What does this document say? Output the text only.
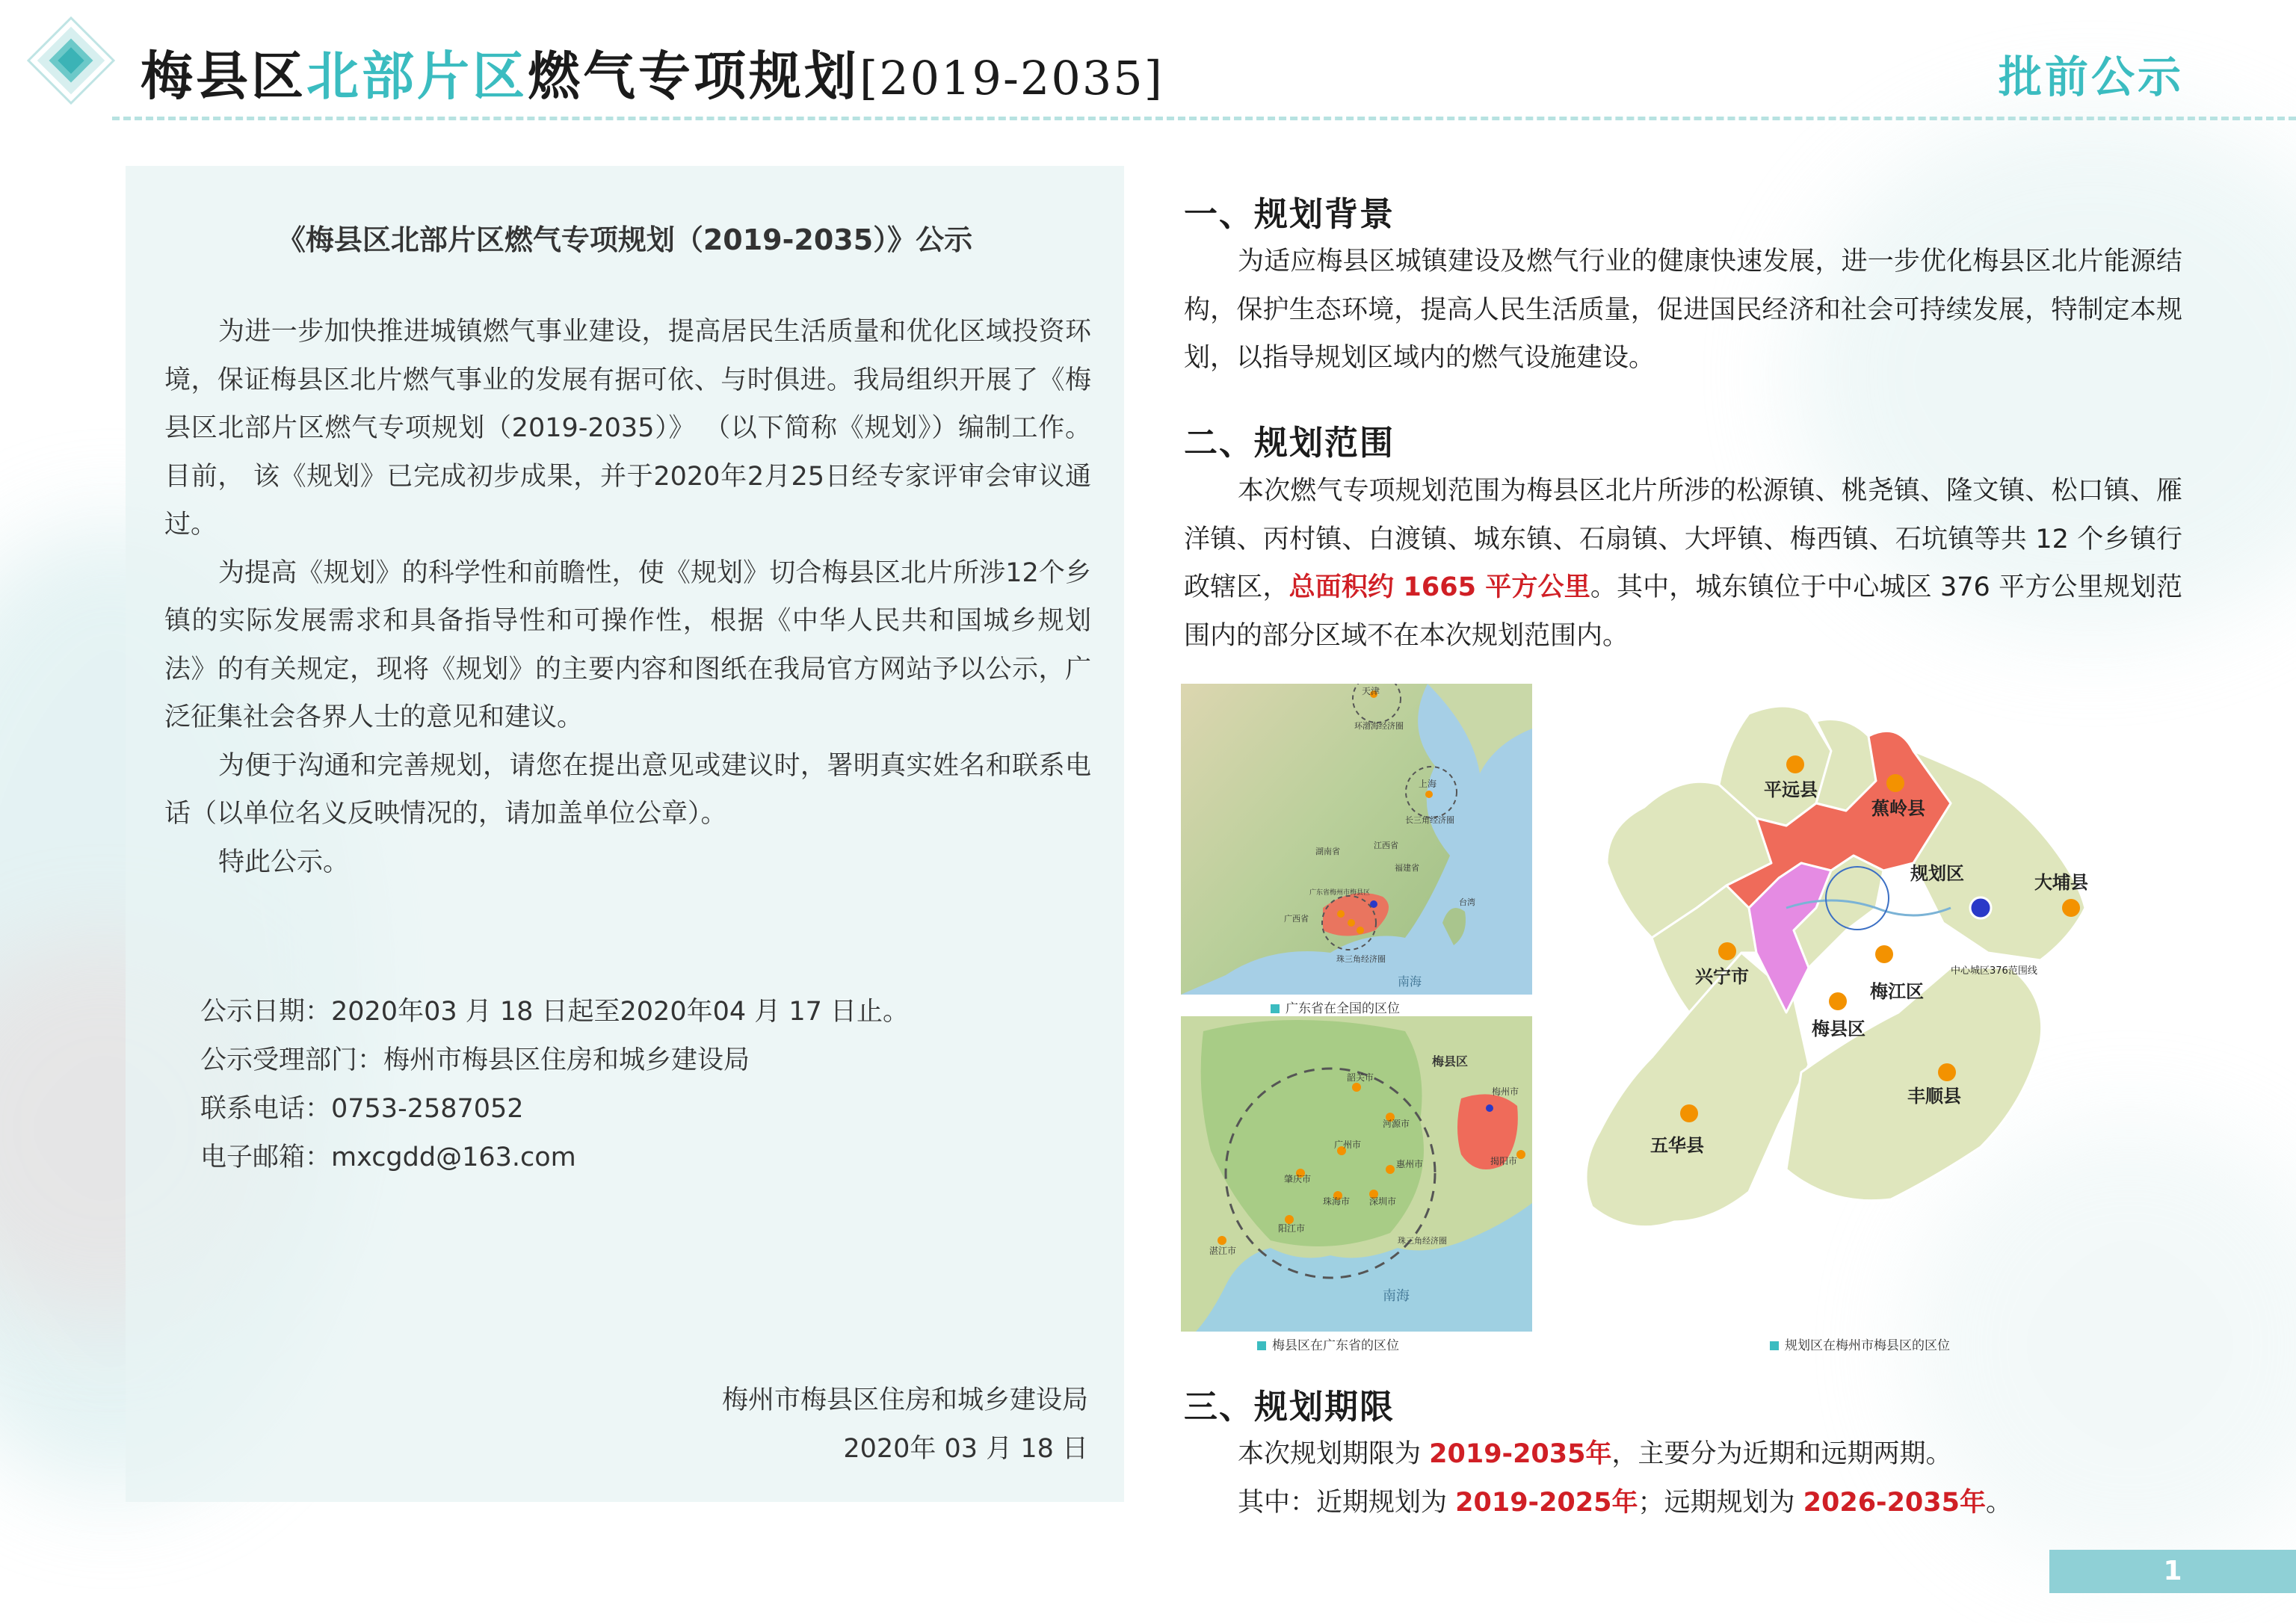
梅县区北部片区燃气专项规划[2019-2035]	批前公示
《梅县区北部片区燃气专项规划（2019-2035）》公示

为进一步加快推进城镇燃气事业建设，提高居民生活质量和优化区域投资环境，保证梅县区北片燃气事业的发展有据可依、与时俱进。我局组织开展了《梅县区北部片区燃气专项规划（2019-2035）》 （以下简称《规划》）编制工作。目前， 该《规划》已完成初步成果，并于2020年2月25日经专家评审会审议通过。

为提高《规划》的科学性和前瞻性，使《规划》切合梅县区北片所涉12个乡镇的实际发展需求和具备指导性和可操作性，根据《中华人民共和国城乡规划法》的有关规定，现将《规划》的主要内容和图纸在我局官方网站予以公示，广泛征集社会各界人士的意见和建议。

为便于沟通和完善规划，请您在提出意见或建议时，署明真实姓名和联系电话（以单位名义反映情况的，请加盖单位公章）。

特此公示。

公示日期：2020年03 月 18 日起至2020年04 月 17 日止。
公示受理部门：梅州市梅县区住房和城乡建设局
联系电话：0753-2587052
电子邮箱：mxcgdd@163.com
梅州市梅县区住房和城乡建设局
2020年 03 月 18 日
一、规划背景

为适应梅县区城镇建设及燃气行业的健康快速发展，进一步优化梅县区北片能源结构，保护生态环境，提高人民生活质量，促进国民经济和社会可持续发展，特制定本规划，以指导规划区域内的燃气设施建设。

二、规划范围

本次燃气专项规划范围为梅县区北片所涉的松源镇、桃尧镇、隆文镇、松口镇、雁洋镇、丙村镇、白渡镇、城东镇、石扇镇、大坪镇、梅西镇、石坑镇等共 12 个乡镇行政辖区，总面积约 1665 平方公里。其中，城东镇位于中心城区 376 平方公里规划范围内的部分区域不在本次规划范围内。

天津
环渤海经济圈
上海
长三角经济圈
湖南省
江西省
福建省
广西省
广东省梅州市梅县区
珠三角经济圈
台湾
南海
广东省在全国的区位
梅县区
韶关市
梅州市
河源市
广州市
惠州市
肇庆市
揭阳市
深圳市
珠海市
阳江市
湛江市
珠三角经济圈
南海
梅县区在广东省的区位
平远县
蕉岭县
规划区	大埔县
兴宁市
梅江区
中心城区376范围线
梅县区
丰顺县
五华县
规划区在梅州市梅县区的区位
三、规划期限

本次规划期限为 2019-2035年，主要分为近期和远期两期。

其中：近期规划为 2019-2025年；远期规划为 2026-2035年。

1
